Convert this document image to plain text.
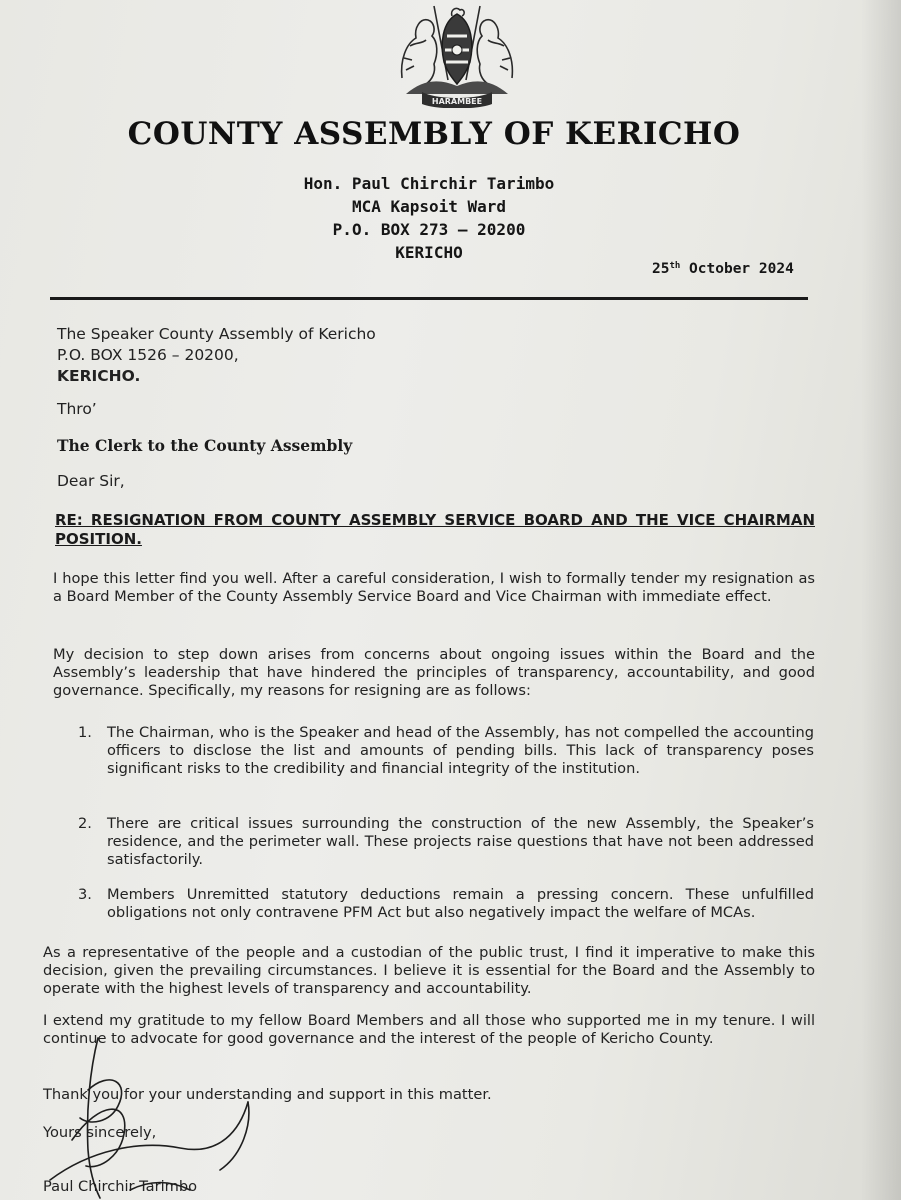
HARAMBEE
COUNTY ASSEMBLY OF KERICHO
Hon. Paul Chirchir Tarimbo
MCA Kapsoit Ward
P.O. BOX 273 – 20200
KERICHO
25th October 2024
The Speaker County Assembly of Kericho
P.O. BOX 1526 – 20200,
KERICHO.
Thro’
The Clerk to the County Assembly
Dear Sir,
RE: RESIGNATION FROM COUNTY ASSEMBLY SERVICE BOARD AND THE VICE CHAIRMAN POSITION.
I hope this letter find you well. After a careful consideration, I wish to formally tender my resignation as a Board Member of the County Assembly Service Board and Vice Chairman with immediate effect.
My decision to step down arises from concerns about ongoing issues within the Board and the Assembly’s leadership that have hindered the principles of transparency, accountability, and good governance. Specifically, my reasons for resigning are as follows:
1.	The Chairman, who is the Speaker and head of the Assembly, has not compelled the accounting officers to disclose the list and amounts of pending bills. This lack of transparency poses significant risks to the credibility and financial integrity of the institution.
2.	There are critical issues surrounding the construction of the new Assembly, the Speaker’s residence, and the perimeter wall. These projects raise questions that have not been addressed satisfactorily.
3.	Members Unremitted statutory deductions remain a pressing concern. These unfulfilled obligations not only contravene PFM Act but also negatively impact the welfare of MCAs.
As a representative of the people and a custodian of the public trust, I find it imperative to make this decision, given the prevailing circumstances. I believe it is essential for the Board and the Assembly to operate with the highest levels of transparency and accountability.
I extend my gratitude to my fellow Board Members and all those who supported me in my tenure. I will continue to advocate for good governance and the interest of the people of Kericho County.
Thank you for your understanding and support in this matter.
Yours sincerely,
Paul Chirchir Tarimbo
